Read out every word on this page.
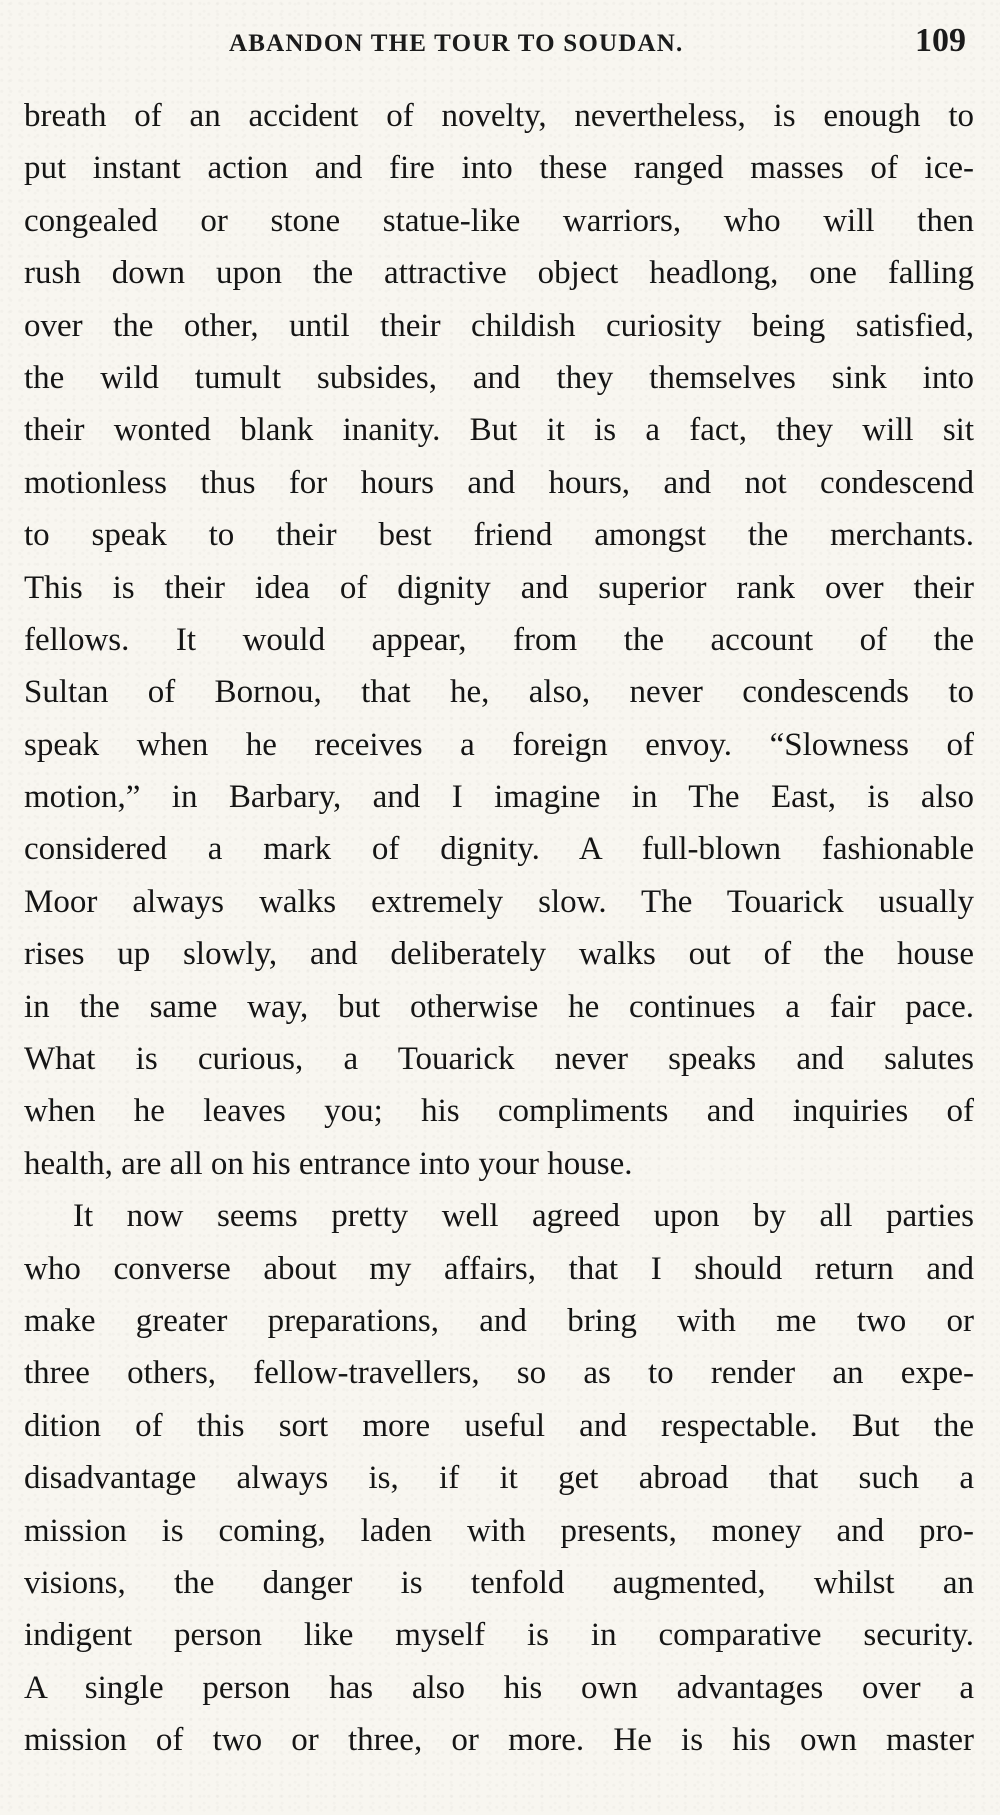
ABANDON THE TOUR TO SOUDAN.	109
breath of an accident of novelty, nevertheless, is enough to
put instant action and fire into these ranged masses of ice-
congealed or stone statue-like warriors, who will then
rush down upon the attractive object headlong, one falling
over the other, until their childish curiosity being satisfied,
the wild tumult subsides, and they themselves sink into
their wonted blank inanity. But it is a fact, they will sit
motionless thus for hours and hours, and not condescend
to speak to their best friend amongst the merchants.
This is their idea of dignity and superior rank over their
fellows. It would appear, from the account of the
Sultan of Bornou, that he, also, never condescends to
speak when he receives a foreign envoy. “Slowness of
motion,” in Barbary, and I imagine in The East, is also
considered a mark of dignity. A full-blown fashionable
Moor always walks extremely slow. The Touarick usually
rises up slowly, and deliberately walks out of the house
in the same way, but otherwise he continues a fair pace.
What is curious, a Touarick never speaks and salutes
when he leaves you; his compliments and inquiries of
health, are all on his entrance into your house.
It now seems pretty well agreed upon by all parties
who converse about my affairs, that I should return and
make greater preparations, and bring with me two or
three others, fellow-travellers, so as to render an expe-
dition of this sort more useful and respectable. But the
disadvantage always is, if it get abroad that such a
mission is coming, laden with presents, money and pro-
visions, the danger is tenfold augmented, whilst an
indigent person like myself is in comparative security.
A single person has also his own advantages over a
mission of two or three, or more. He is his own master
